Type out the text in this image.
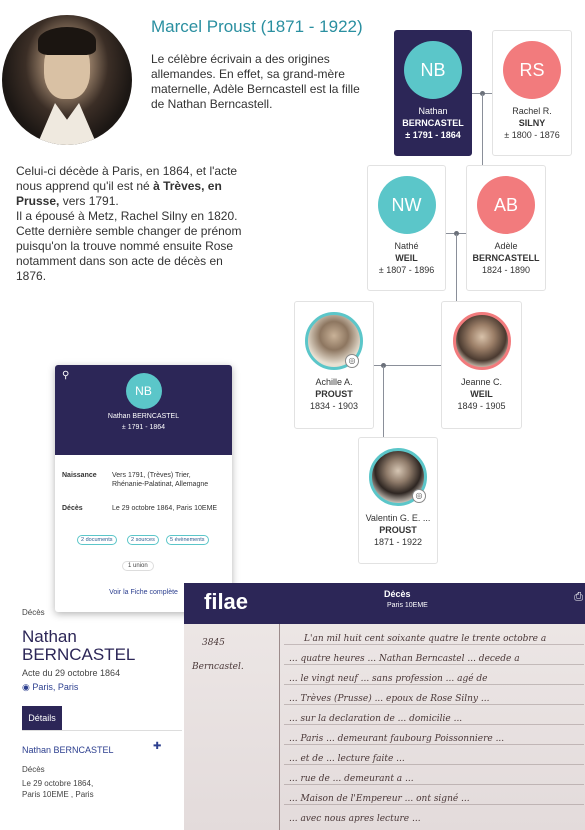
Marcel Proust (1871 - 1922)
Le célèbre écrivain a des origines allemandes. En effet, sa grand-mère maternelle, Adèle Berncastell est la fille de Nathan Berncastell.
Celui-ci décède à Paris, en 1864, et l'acte nous apprend qu'il est né à Trèves, en Prusse, vers 1791.
Il a épousé à Metz, Rachel Silny en 1820.
Cette dernière semble changer de prénom puisqu'on la trouve nommé ensuite Rose notamment dans son acte de décès en 1876.
NB
Nathan
BERNCASTEL
± 1791 - 1864
RS
Rachel R.
SILNY
± 1800 - 1876
NW
Nathé
WEIL
± 1807 - 1896
AB
Adèle
BERNCASTELL
1824 - 1890
◎
Achille A.
PROUST
1834 - 1903
Jeanne C.
WEIL
1849 - 1905
◎
Valentin G. E. ...
PROUST
1871 - 1922
⚲
NB
Nathan BERNCASTEL
± 1791 - 1864
Naissance Vers 1791, (Trèves) Trier, Rhénanie-Palatinat, Allemagne
Décès	Le 29 octobre 1864, Paris 10EME
2 documents	2 sources	5 évènements
1 union
Voir la Fiche complète
Décès
Nathan
BERNCASTEL
Acte du 29 octobre 1864
◉ Paris, Paris
Détails
Nathan BERNCASTEL	✚
Décès
Le 29 octobre 1864,
Paris 10EME , Paris
filae	Décès
Paris 10EME
⎙
3845
Berncastel.
L'an mil huit cent soixante quatre le trente octobre a
... quatre heures ... Nathan Berncastel ... decede a
... le vingt neuf ... sans profession ... agé de
... Trèves (Prusse) ... epoux de Rose Silny ...
... sur la declaration de ... domicilie ...
... Paris ... demeurant faubourg Poissonniere ...
... et de ... lecture faite ...
... rue de ... demeurant a ...
... Maison de l'Empereur ... ont signé ...
... avec nous apres lecture ...
